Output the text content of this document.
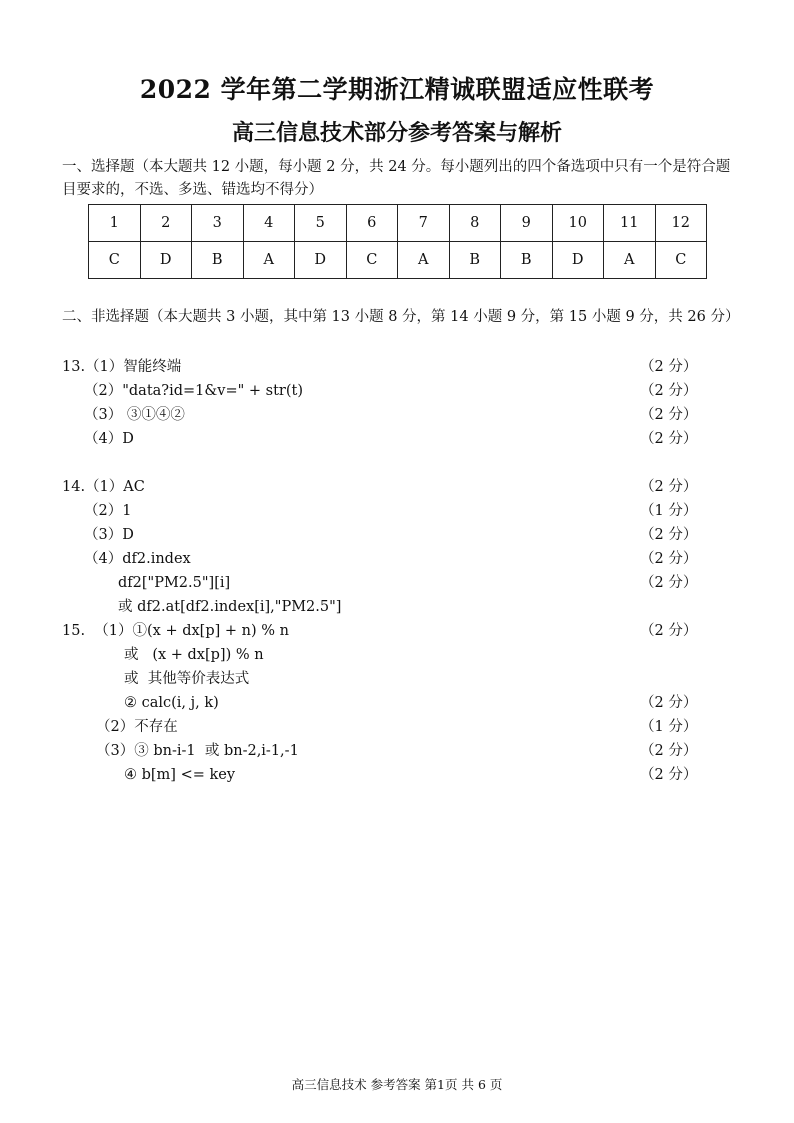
2022 学年第二学期浙江精诚联盟适应性联考
高三信息技术部分参考答案与解析
一、选择题（本大题共 12 小题，每小题 2 分，共 24 分。每小题列出的四个备选项中只有一个是符合题目要求的，不选、多选、错选均不得分）
1	2	3	4	5	6	7	8	9	10	11	12
C	D	B	A	D	C	A	B	B	D	A	C
二、非选择题（本大题共 3 小题，其中第 13 小题 8 分，第 14 小题 9 分，第 15 小题 9 分，共 26 分）
13.（1）智能终端	（2 分）
（2）"data?id=1&v=" + str(t)	（2 分）
（3） ③①④②	（2 分）
（4）D	（2 分）
14.（1）AC	（2 分）
（2）1	（1 分）
（3）D	（2 分）
（4）df2.index	（2 分）
df2["PM2.5"][i]	（2 分）
或 df2.at[df2.index[i],"PM2.5"]
15.  （1）①(x + dx[p] + n) % n	（2 分）
或   (x + dx[p]) % n
或  其他等价表达式
② calc(i, j, k)	（2 分）
（2）不存在	（1 分）
（3）③ bn-i-1  或 bn-2,i-1,-1	（2 分）
④ b[m] <= key	（2 分）
高三信息技术 参考答案 第1页 共 6 页
